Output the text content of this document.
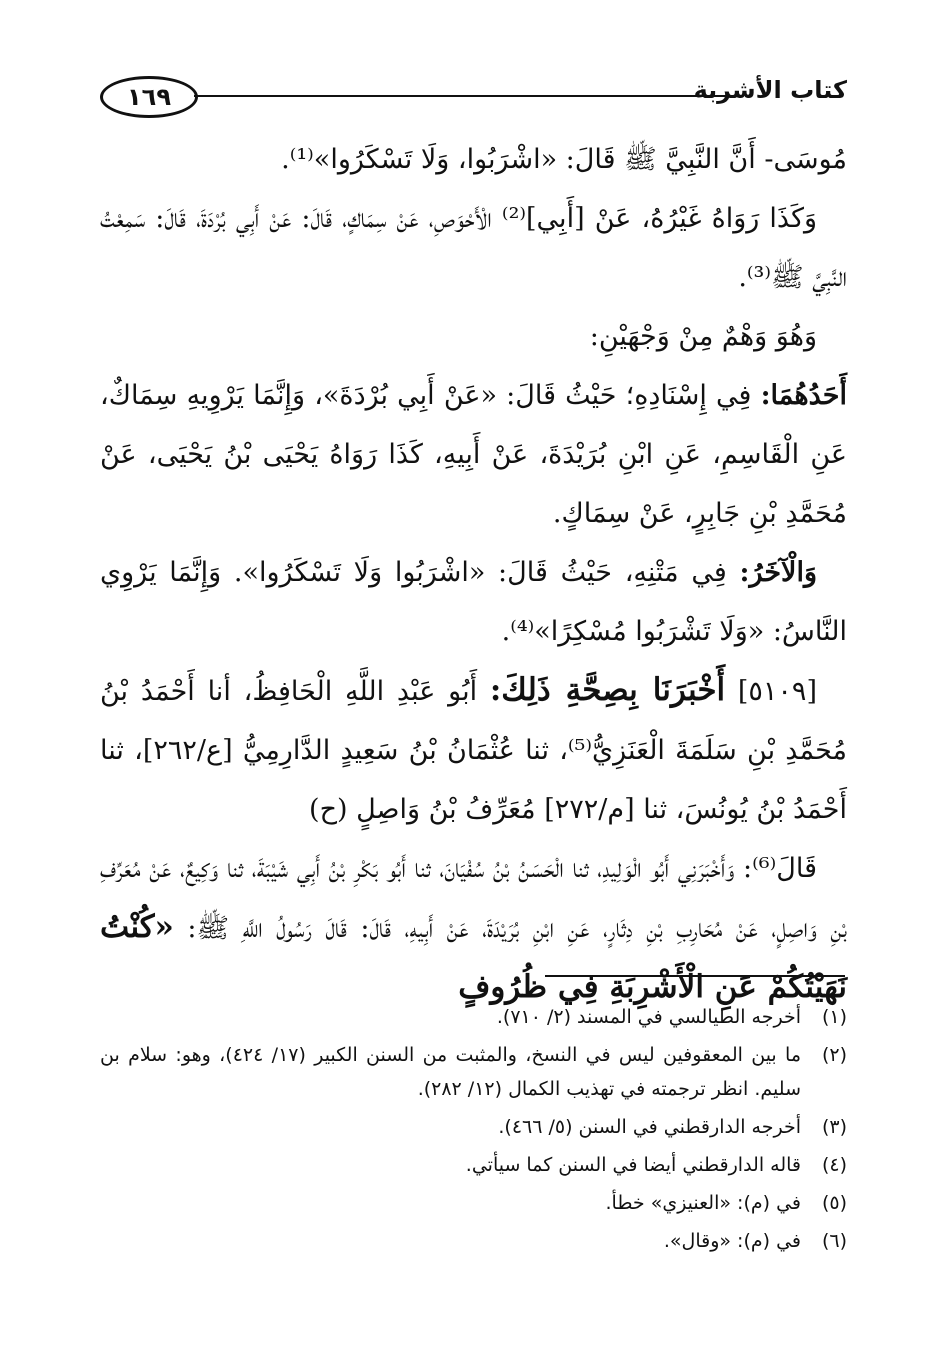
١٦٩	كتاب الأشربة

مُوسَى- أَنَّ النَّبِيَّ ﷺ قَالَ: «اشْرَبُوا، وَلَا تَسْكَرُوا»⁽¹⁾.

وَكَذَا رَوَاهُ غَيْرُهُ، عَنْ [أَبِي]⁽²⁾ الْأَحْوَصِ، عَنْ سِمَاكٍ، قَالَ: عَنْ أَبِي بُرْدَةَ، قَالَ: سَمِعْتُ النَّبِيَّ ﷺ⁽³⁾.

وَهُوَ وَهْمٌ مِنْ وَجْهَيْنِ:

أَحَدُهُمَا: فِي إِسْنَادِهِ؛ حَيْثُ قَالَ: «عَنْ أَبِي بُرْدَةَ»، وَإِنَّمَا يَرْوِيهِ سِمَاكٌ، عَنِ الْقَاسِمِ، عَنِ ابْنِ بُرَيْدَةَ، عَنْ أَبِيهِ، كَذَا رَوَاهُ يَحْيَى بْنُ يَحْيَى، عَنْ مُحَمَّدِ بْنِ جَابِرٍ، عَنْ سِمَاكٍ.

وَالْآخَرُ: فِي مَتْنِهِ، حَيْثُ قَالَ: «اشْرَبُوا وَلَا تَسْكَرُوا». وَإِنَّمَا يَرْوِي النَّاسُ: «وَلَا تَشْرَبُوا مُسْكِرًا»⁽⁴⁾.

[٥١٠٩] أَخْبَرَنَا بِصِحَّةِ ذَلِكَ: أَبُو عَبْدِ اللَّهِ الْحَافِظُ، أنا أَحْمَدُ بْنُ مُحَمَّدِ بْنِ سَلَمَةَ الْعَنَزِيُّ⁽⁵⁾، ثنا عُثْمَانُ بْنُ سَعِيدٍ الدَّارِمِيُّ [ع/٢٦٢]، ثنا أَحْمَدُ بْنُ يُونُسَ، ثنا [م/٢٧٢] مُعَرِّفُ بْنُ وَاصِلٍ (ح)

قَالَ⁽⁶⁾: وَأَخْبَرَنِي أَبُو الْوَلِيدِ، ثنا الْحَسَنُ بْنُ سُفْيَانَ، ثنا أَبُو بَكْرِ بْنُ أَبِي شَيْبَةَ، ثنا وَكِيعٌ، عَنْ مُعَرِّفِ بْنِ وَاصِلٍ، عَنْ مُحَارِبِ بْنِ دِثَارٍ، عَنِ ابْنِ بُرَيْدَةَ، عَنْ أَبِيهِ، قَالَ: قَالَ رَسُولُ اللَّهِ ﷺ: «كُنْتُ نَهَيْتُكُمْ عَنِ الْأَشْرِبَةِ فِي ظُرُوفٍ

(١)
أخرجه الطيالسي في المسند (٢/ ٧١٠).
(٢)
ما بين المعقوفين ليس في النسخ، والمثبت من السنن الكبير (١٧/ ٤٢٤)، وهو: سلام بن سليم. انظر ترجمته في تهذيب الكمال (١٢/ ٢٨٢).
(٣)
أخرجه الدارقطني في السنن (٥/ ٤٦٦).
(٤)
قاله الدارقطني أيضا في السنن كما سيأتي.
(٥)
في (م): «العنيزي» خطأ.
(٦)
في (م): «وقال».
